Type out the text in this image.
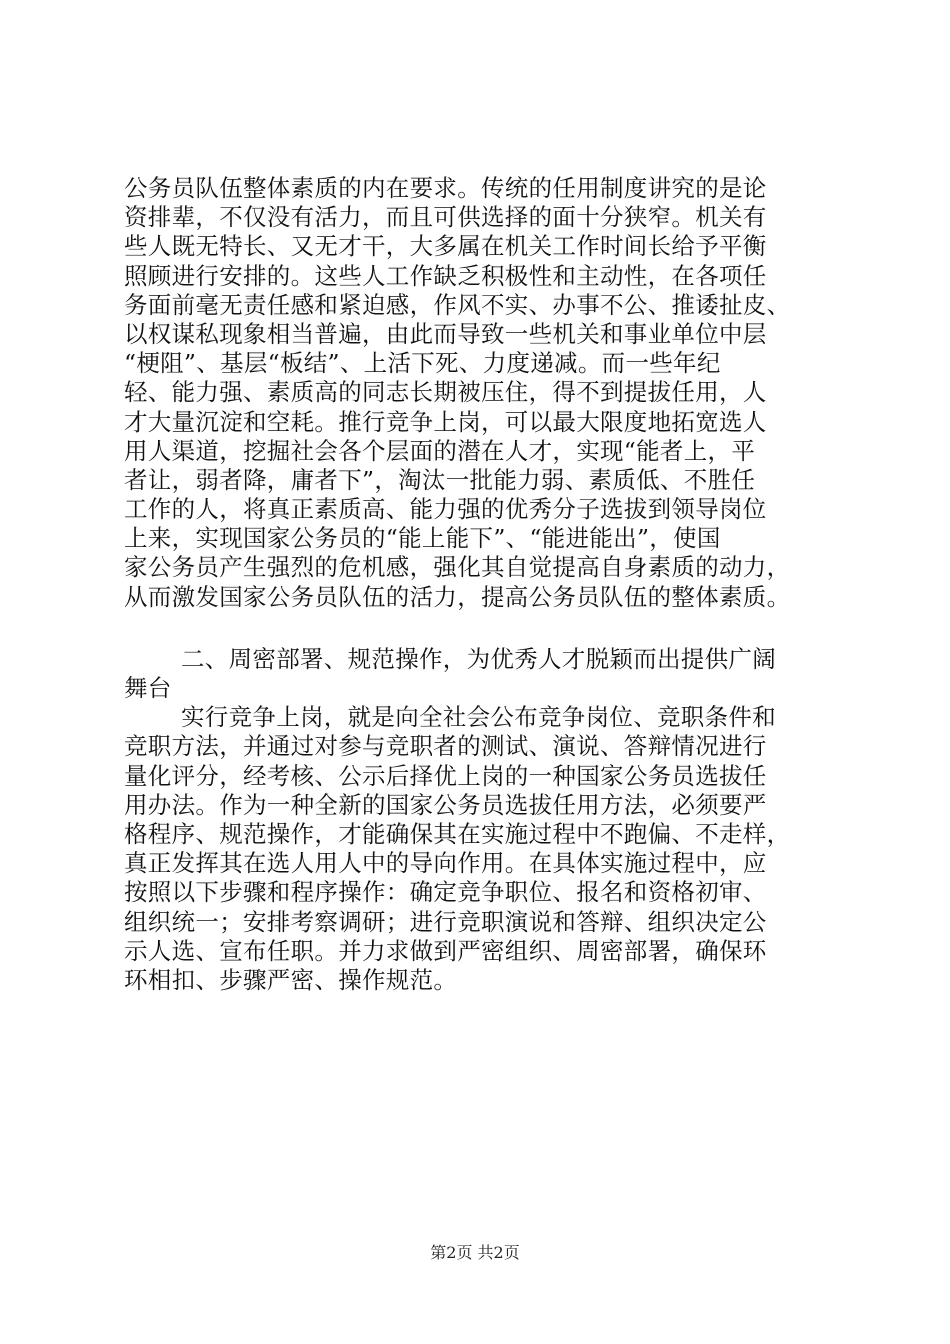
公务员队伍整体素质的内在要求。传统的任用制度讲究的是论
资排辈，不仅没有活力，而且可供选择的面十分狭窄。机关有
些人既无特长、又无才干，大多属在机关工作时间长给予平衡
照顾进行安排的。这些人工作缺乏积极性和主动性，在各项任
务面前毫无责任感和紧迫感，作风不实、办事不公、推诿扯皮、
以权谋私现象相当普遍，由此而导致一些机关和事业单位中层
“梗阻”、基层“板结”、上活下死、力度递减。而一些年纪
轻、能力强、素质高的同志长期被压住，得不到提拔任用，人
才大量沉淀和空耗。推行竞争上岗，可以最大限度地拓宽选人
用人渠道，挖掘社会各个层面的潜在人才，实现“能者上，平
者让，弱者降，庸者下”，淘汰一批能力弱、素质低、不胜任
工作的人，将真正素质高、能力强的优秀分子选拔到领导岗位
上来，实现国家公务员的“能上能下”、“能进能出”，使国
家公务员产生强烈的危机感，强化其自觉提高自身素质的动力，
从而激发国家公务员队伍的活力，提高公务员队伍的整体素质。
二、周密部署、规范操作，为优秀人才脱颖而出提供广阔
舞台
实行竞争上岗，就是向全社会公布竞争岗位、竞职条件和
竞职方法，并通过对参与竞职者的测试、演说、答辩情况进行
量化评分，经考核、公示后择优上岗的一种国家公务员选拔任
用办法。作为一种全新的国家公务员选拔任用方法，必须要严
格程序、规范操作，才能确保其在实施过程中不跑偏、不走样，
真正发挥其在选人用人中的导向作用。在具体实施过程中，应
按照以下步骤和程序操作：确定竞争职位、报名和资格初审、
组织统一；安排考察调研；进行竞职演说和答辩、组织决定公
示人选、宣布任职。并力求做到严密组织、周密部署，确保环
环相扣、步骤严密、操作规范。
第2页 共2页
